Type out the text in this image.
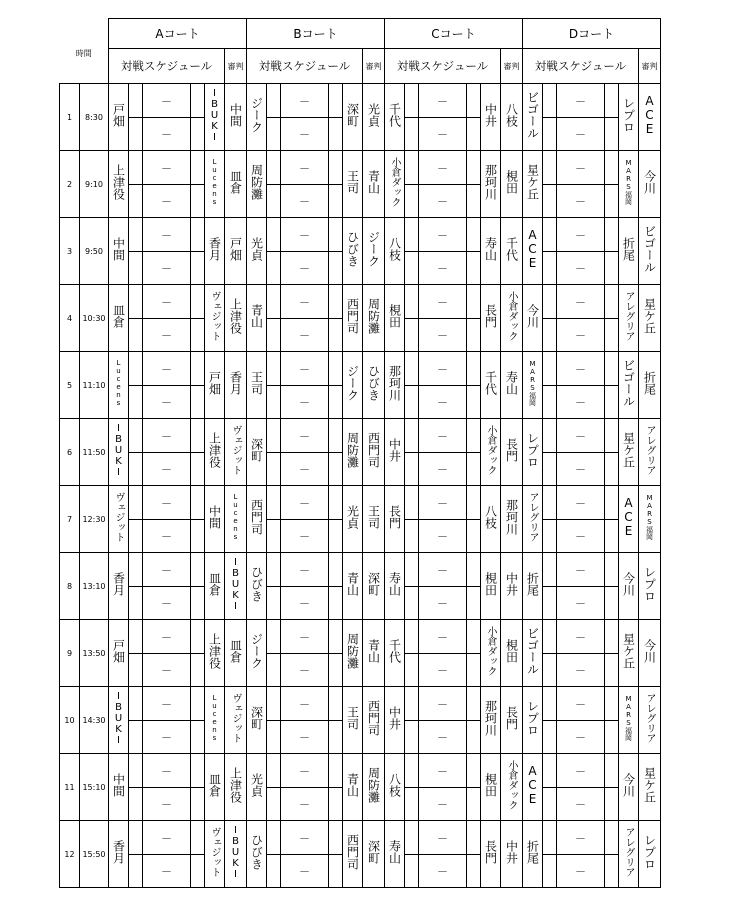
時間		Aコート						Bコート						Cコート						Dコート					
		対戦スケジュール					審判	対戦スケジュール					審判	対戦スケジュール					審判	対戦スケジュール					審判
1	8:30	戸畑		－		IBUKI	中間	ジーク		－		深町	光貞	千代		－		中井	八枝	ビゴール		－		レプロ	ACE
				－						－						－						－			
2	9:10	上津役		－		Lucens	皿倉	周防灘		－		王司	青山	小倉ダック		－		那珂川	梘田	星ケ丘		－		MARS福岡	今川
				－						－						－						－			
3	9:50	中間		－		香月	戸畑	光貞		－		ひびき	ジーク	八枝		－		寿山	千代	ACE		－		折尾	ビゴール
				－						－						－						－			
4	10:30	皿倉		－		ヴェジット	上津役	青山		－		西門司	周防灘	梘田		－		長門	小倉ダック	今川		－		アレグリア	星ケ丘
				－						－						－						－			
5	11:10	Lucens		－		戸畑	香月	王司		－		ジーク	ひびき	那珂川		－		千代	寿山	MARS福岡		－		ビゴール	折尾
				－						－						－						－			
6	11:50	IBUKI		－		上津役	ヴェジット	深町		－		周防灘	西門司	中井		－		小倉ダック	長門	レプロ		－		星ケ丘	アレグリア
				－						－						－						－			
7	12:30	ヴェジット		－		中間	Lucens	西門司		－		光貞	王司	長門		－		八枝	那珂川	アレグリア		－		ACE	MARS福岡
				－						－						－						－			
8	13:10	香月		－		皿倉	IBUKI	ひびき		－		青山	深町	寿山		－		梘田	中井	折尾		－		今川	レプロ
				－						－						－						－			
9	13:50	戸畑		－		上津役	皿倉	ジーク		－		周防灘	青山	千代		－		小倉ダック	梘田	ビゴール		－		星ケ丘	今川
				－						－						－						－			
10	14:30	IBUKI		－		Lucens	ヴェジット	深町		－		王司	西門司	中井		－		那珂川	長門	レプロ		－		MARS福岡	アレグリア
				－						－						－						－			
11	15:10	中間		－		皿倉	上津役	光貞		－		青山	周防灘	八枝		－		梘田	小倉ダック	ACE		－		今川	星ケ丘
				－						－						－						－			
12	15:50	香月		－		ヴェジット	IBUKI	ひびき		－		西門司	深町	寿山		－		長門	中井	折尾		－		アレグリア	レプロ
				－						－						－						－			
